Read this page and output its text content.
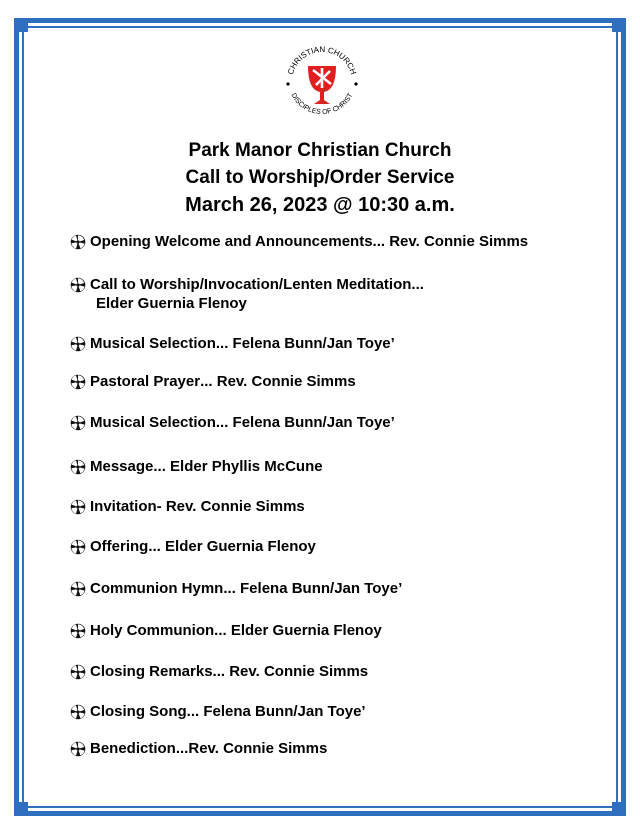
CHRISTIAN CHURCH
DISCIPLES OF CHRIST
Park Manor Christian Church
Call to Worship/Order Service
March 26, 2023 @ 10:30 a.m.
Opening Welcome and Announcements ... Rev. Connie Simms
Call to Worship/Invocation/Lenten Meditation...
Elder Guernia Flenoy
Musical Selection ... Felena Bunn/Jan Toye’
Pastoral Prayer ... Rev. Connie Simms
Musical Selection ... Felena Bunn/Jan Toye’
Message ... Elder Phyllis McCune
Invitation - Rev. Connie Simms
Offering ... Elder Guernia Flenoy
Communion Hymn ... Felena Bunn/Jan Toye’
Holy Communion ... Elder Guernia Flenoy
Closing Remarks ... Rev. Connie Simms
Closing Song ... Felena Bunn/Jan Toye’
Benediction ... Rev. Connie Simms
